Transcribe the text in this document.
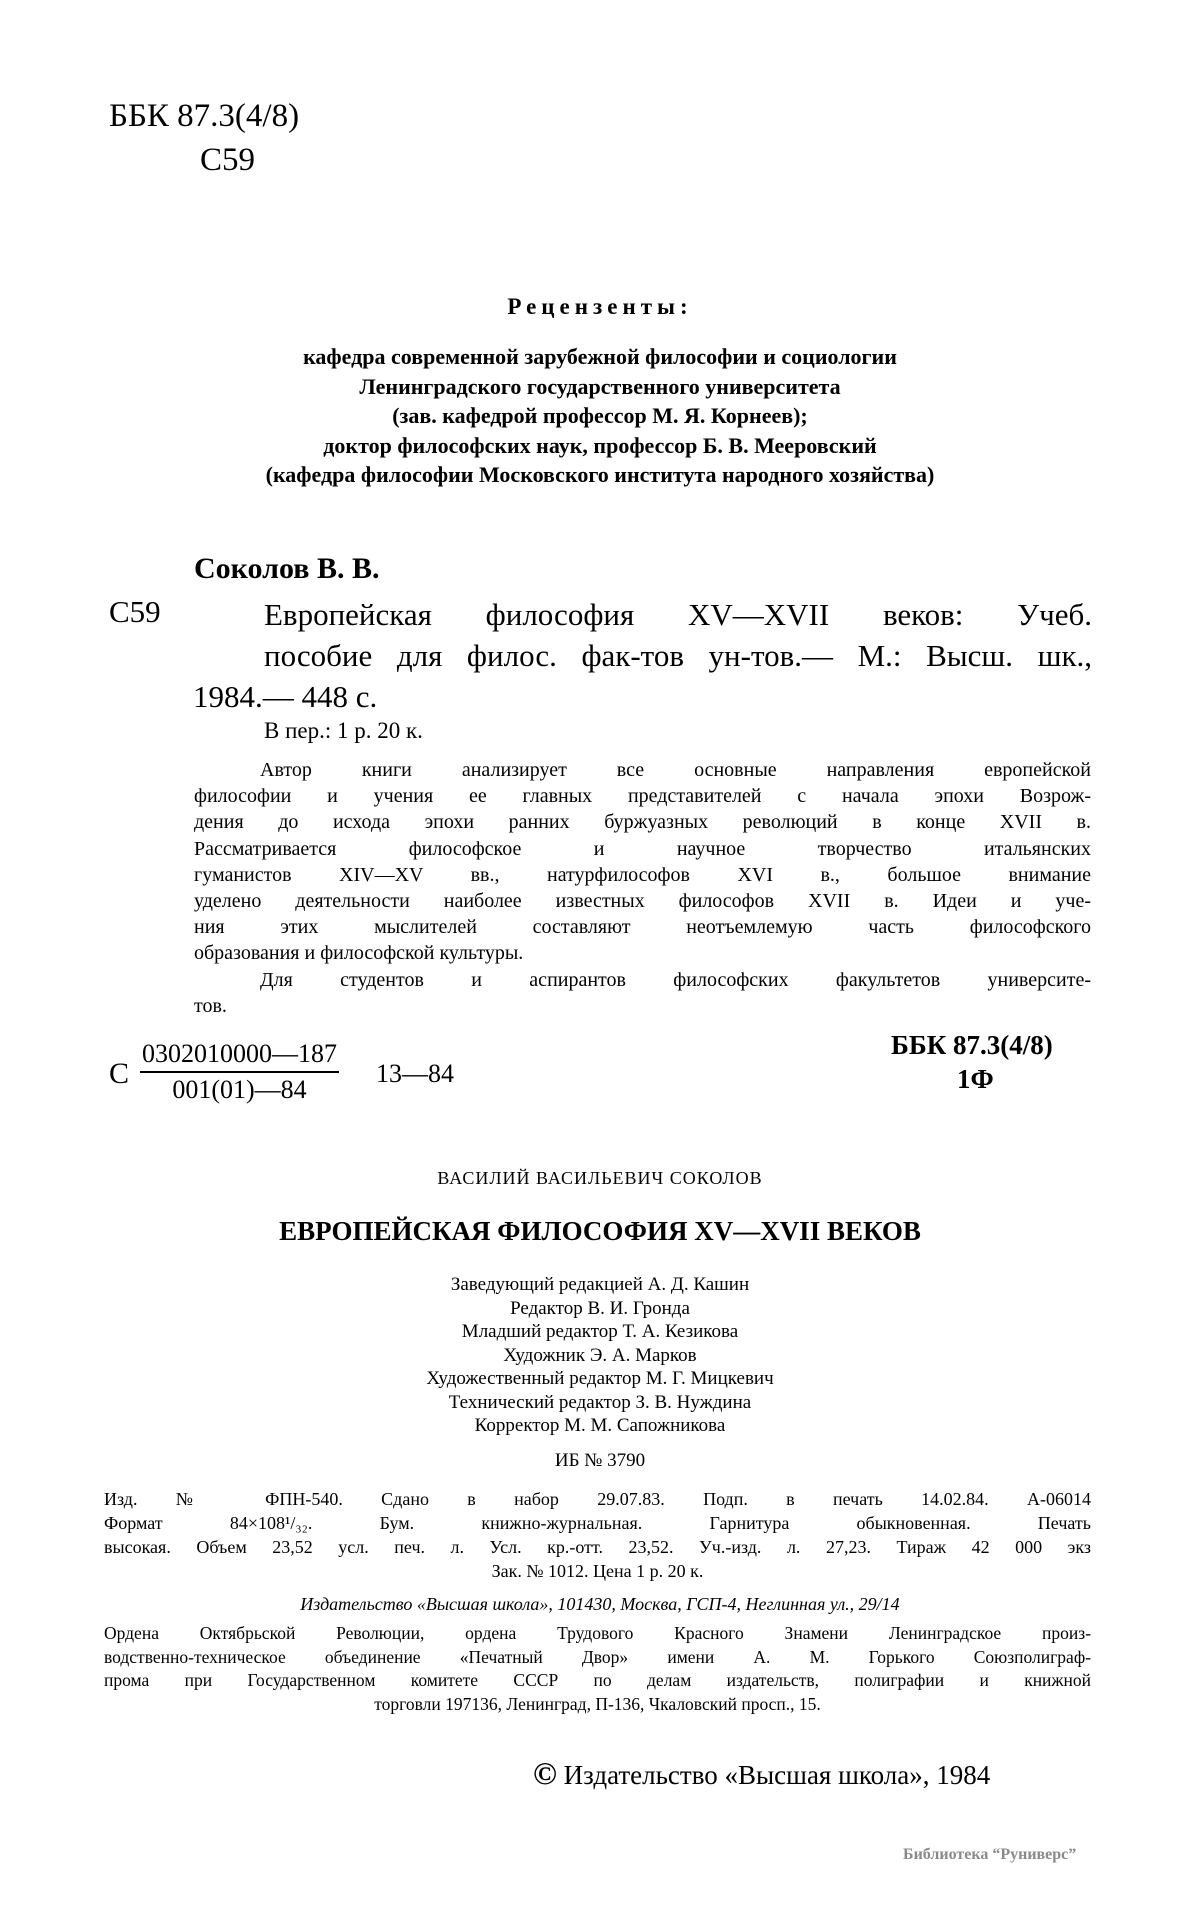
ББК 87.3(4/8)
С59
Рецензенты:
кафедра современной зарубежной философии и социологии
Ленинградского государственного университета
(зав. кафедрой профессор М. Я. Корнеев);
доктор философских наук, профессор Б. В. Мееровский
(кафедра философии Московского института народного хозяйства)
Соколов В. В.
С59	Европейская философия XV—XVII веков: Учеб.
пособие для филос. фак-тов ун-тов.— М.: Высш. шк.,
1984.— 448 с.
В пер.: 1 р. 20 к.
Автор книги анализирует все основные направления европейской
философии и учения ее главных представителей с начала эпохи Возрож-
дения до исхода эпохи ранних буржуазных революций в конце XVII в.
Рассматривается философское и научное творчество итальянских
гуманистов XIV—XV вв., натурфилософов XVI в., большое внимание
уделено деятельности наиболее известных философов XVII в. Идеи и уче-
ния этих мыслителей составляют неотъемлемую часть философского
образования и философской культуры.
Для студентов и аспирантов философских факультетов университе-
тов.
С $\frac{0302010000—187}{001(01)—84}$ 13—84
ББК 87.3(4/8)
1Ф
ВАСИЛИЙ ВАСИЛЬЕВИЧ СОКОЛОВ
ЕВРОПЕЙСКАЯ ФИЛОСОФИЯ XV—XVII ВЕКОВ
Заведующий редакцией А. Д. Кашин
Редактор В. И. Гронда
Младший редактор Т. А. Кезикова
Художник Э. А. Марков
Художественный редактор М. Г. Мицкевич
Технический редактор З. В. Нуждина
Корректор М. М. Сапожникова
ИБ № 3790
Изд. № ФПН-540. Сдано в набор 29.07.83. Подп. в печать 14.02.84. А-06014
Формат 84×108¹/₃₂. Бум. книжно-журнальная. Гарнитура обыкновенная. Печать
высокая. Объем 23,52 усл. печ. л. Усл. кр.-отт. 23,52. Уч.-изд. л. 27,23. Тираж 42 000 экз
Зак. № 1012. Цена 1 р. 20 к.
Издательство «Высшая школа», 101430, Москва, ГСП-4, Неглинная ул., 29/14
Ордена Октябрьской Революции, ордена Трудового Красного Знамени Ленинградское произ-
водственно-техническое объединение «Печатный Двор» имени А. М. Горького Союзполиграф-
прома при Государственном комитете СССР по делам издательств, полиграфии и книжной
торговли 197136, Ленинград, П-136, Чкаловский просп., 15.
© Издательство «Высшая школа», 1984
Библиотека “Руниверс”
